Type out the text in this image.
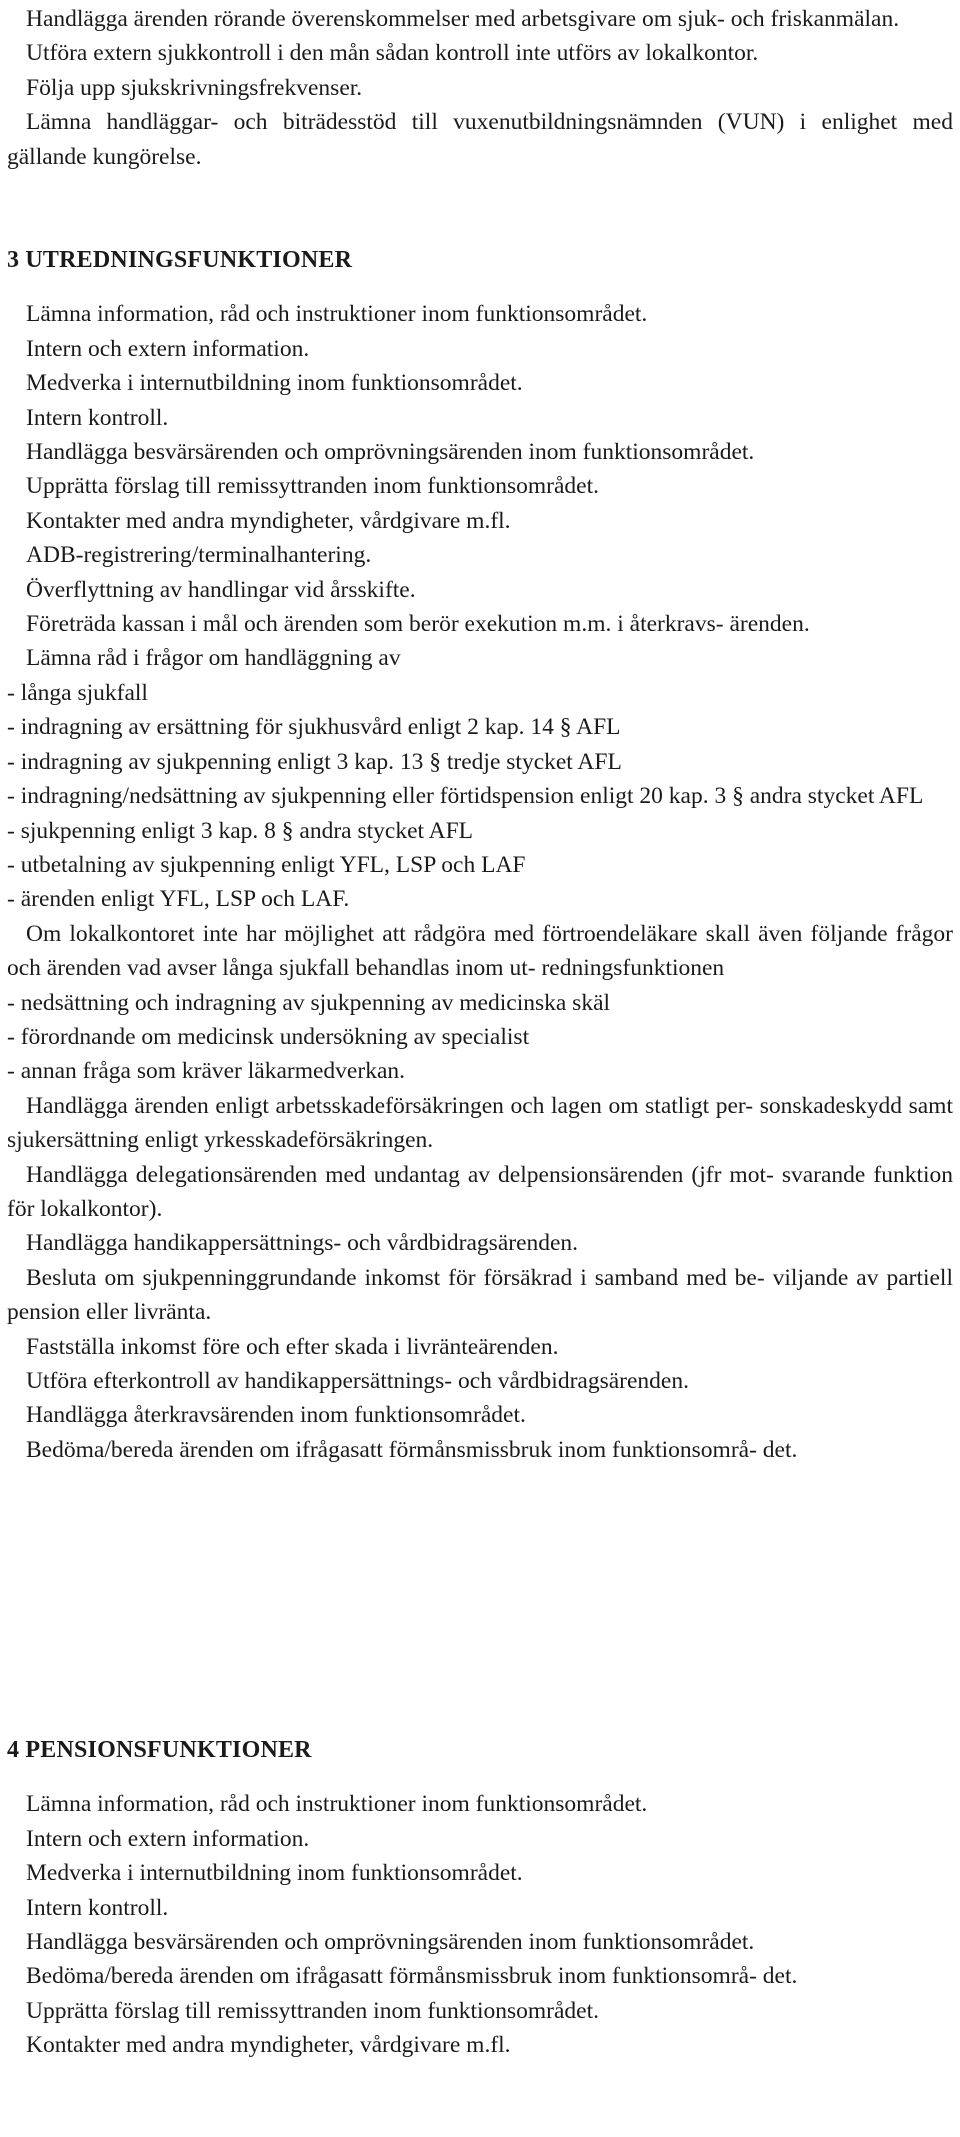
Handlägga ärenden rörande överenskommelser med arbetsgivare om sjuk- och friskanmälan.

Utföra extern sjukkontroll i den mån sådan kontroll inte utförs av lokalkontor.

Följa upp sjukskrivningsfrekvenser.

Lämna handläggar- och biträdesstöd till vuxenutbildningsnämnden (VUN) i enlighet med gällande kungörelse.

3 UTREDNINGSFUNKTIONER

Lämna information, råd och instruktioner inom funktionsområdet.

Intern och extern information.

Medverka i internutbildning inom funktionsområdet.

Intern kontroll.

Handlägga besvärsärenden och omprövningsärenden inom funktionsområdet.

Upprätta förslag till remissyttranden inom funktionsområdet.

Kontakter med andra myndigheter, vårdgivare m.fl.

ADB-registrering/terminalhantering.

Överflyttning av handlingar vid årsskifte.

Företräda kassan i mål och ärenden som berör exekution m.m. i återkravs- ärenden.

Lämna råd i frågor om handläggning av

- långa sjukfall

- indragning av ersättning för sjukhusvård enligt 2 kap. 14 § AFL

- indragning av sjukpenning enligt 3 kap. 13 § tredje stycket AFL

- indragning/nedsättning av sjukpenning eller förtidspension enligt 20 kap. 3 § andra stycket AFL

- sjukpenning enligt 3 kap. 8 § andra stycket AFL

- utbetalning av sjukpenning enligt YFL, LSP och LAF

- ärenden enligt YFL, LSP och LAF.

Om lokalkontoret inte har möjlighet att rådgöra med förtroendeläkare skall även följande frågor och ärenden vad avser långa sjukfall behandlas inom ut- redningsfunktionen

- nedsättning och indragning av sjukpenning av medicinska skäl

- förordnande om medicinsk undersökning av specialist

- annan fråga som kräver läkarmedverkan.

Handlägga ärenden enligt arbetsskadeförsäkringen och lagen om statligt per- sonskadeskydd samt sjukersättning enligt yrkesskadeförsäkringen.

Handlägga delegationsärenden med undantag av delpensionsärenden (jfr mot- svarande funktion för lokalkontor).

Handlägga handikappersättnings- och vårdbidragsärenden.

Besluta om sjukpenninggrundande inkomst för försäkrad i samband med be- viljande av partiell pension eller livränta.

Fastställa inkomst före och efter skada i livränteärenden.

Utföra efterkontroll av handikappersättnings- och vårdbidragsärenden.

Handlägga återkravsärenden inom funktionsområdet.

Bedöma/bereda ärenden om ifrågasatt förmånsmissbruk inom funktionsområ- det.

4 PENSIONSFUNKTIONER

Lämna information, råd och instruktioner inom funktionsområdet.

Intern och extern information.

Medverka i internutbildning inom funktionsområdet.

Intern kontroll.

Handlägga besvärsärenden och omprövningsärenden inom funktionsområdet.

Bedöma/bereda ärenden om ifrågasatt förmånsmissbruk inom funktionsområ- det.

Upprätta förslag till remissyttranden inom funktionsområdet.

Kontakter med andra myndigheter, vårdgivare m.fl.
